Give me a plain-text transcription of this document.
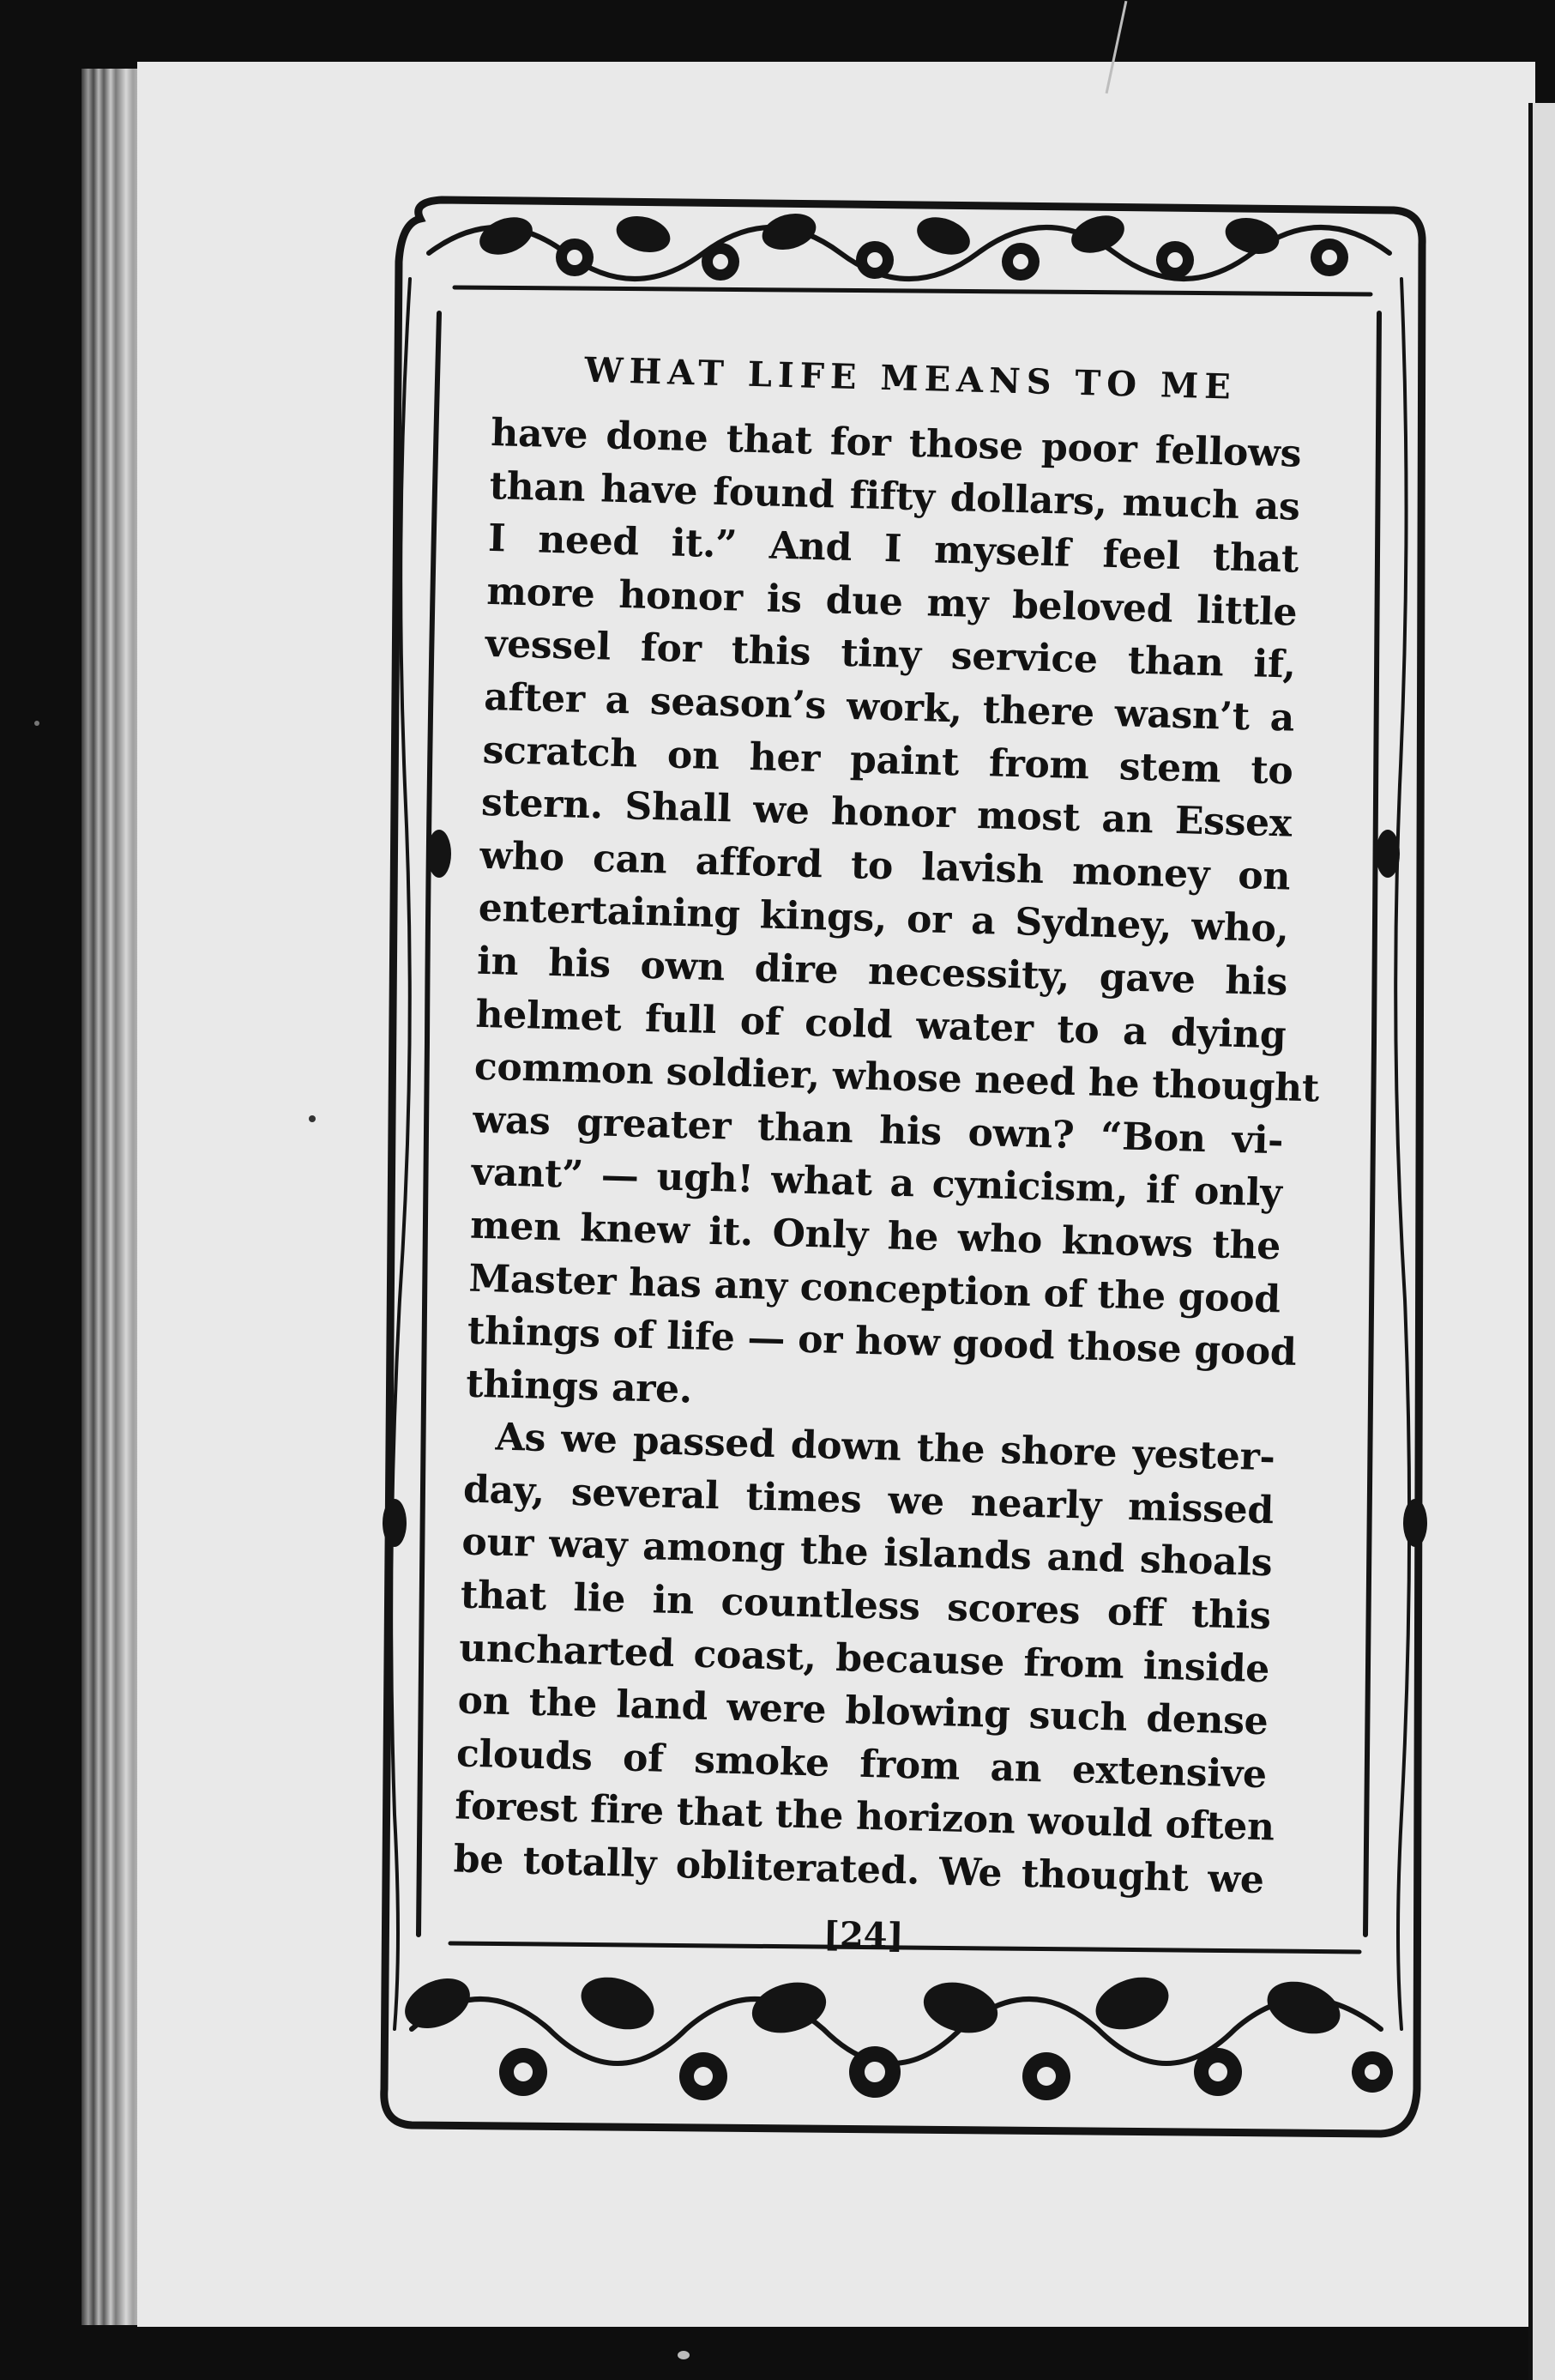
WHAT LIFE MEANS TO ME
have done that for those poor fellows
than have found fifty dollars, much as
I need it.” And I myself feel that
more honor is due my beloved little
vessel for this tiny service than if,
after a season’s work, there wasn’t a
scratch on her paint from stem to
stern. Shall we honor most an Essex
who can afford to lavish money on
entertaining kings, or a Sydney, who,
in his own dire necessity, gave his
helmet full of cold water to a dying
common soldier, whose need he thought
was greater than his own? “Bon vi-
vant” — ugh! what a cynicism, if only
men knew it. Only he who knows the
Master has any conception of the good
things of life — or how good those good
things are.
As we passed down the shore yester-
day, several times we nearly missed
our way among the islands and shoals
that lie in countless scores off this
uncharted coast, because from inside
on the land were blowing such dense
clouds of smoke from an extensive
forest fire that the horizon would often
be totally obliterated. We thought we
[24]
